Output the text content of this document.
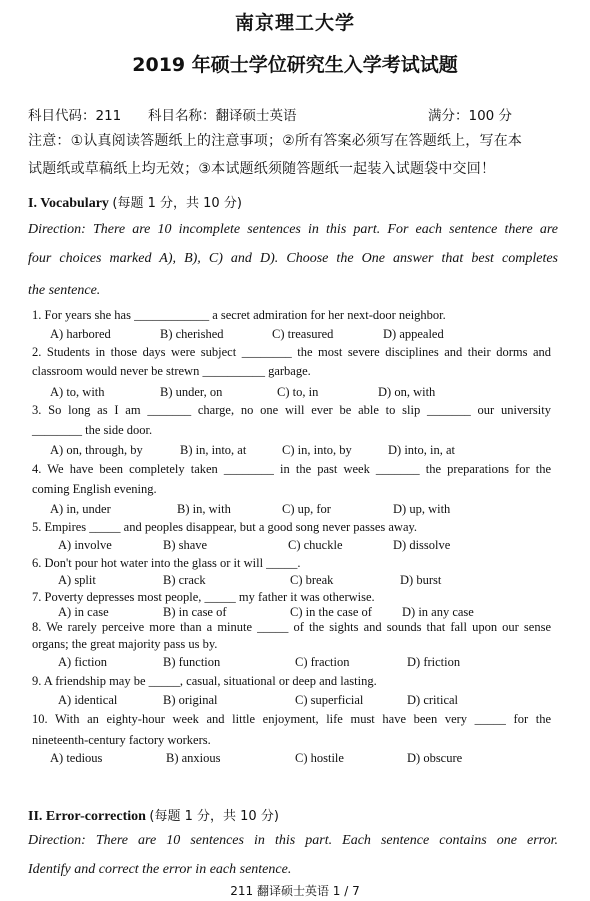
南京理工大学
2019 年硕士学位研究生入学考试试题
科目代码：211 科目名称：翻译硕士英语	满分：100 分
注意：①认真阅读答题纸上的注意事项；②所有答案必须写在答题纸上，写在本
试题纸或草稿纸上均无效；③本试题纸须随答题纸一起装入试题袋中交回！
I. Vocabulary (每题 1 分，共 10 分)
Direction: There are 10 incomplete sentences in this part. For each sentence there are
four choices marked A), B), C) and D). Choose the One answer that best completes
the sentence.
1. For years she has ____________ a secret admiration for her next-door neighbor.
A) harbored	B) cherished	C) treasured	D) appealed
2. Students in those days were subject ________ the most severe disciplines and their dorms and
classroom would never be strewn __________ garbage.
A) to, with	B) under, on	C) to, in	D) on, with
3. So long as I am _______ charge, no one will ever be able to slip _______ our university
________ the side door.
A) on, through, by	B) in, into, at	C) in, into, by	D) into, in, at
4. We have been completely taken ________ in the past week _______ the preparations for the
coming English evening.
A) in, under	B) in, with	C) up, for	D) up, with
5. Empires _____ and peoples disappear, but a good song never passes away.
A) involve	B) shave	C) chuckle	D) dissolve
6. Don't pour hot water into the glass or it will _____.
A) split	B) crack	C) break	D) burst
7. Poverty depresses most people, _____ my father it was otherwise.
A) in case	B) in case of	C) in the case of D) in any case
8. We rarely perceive more than a minute _____ of the sights and sounds that fall upon our sense
organs; the great majority pass us by.
A) fiction	B) function	C) fraction	D) friction
9. A friendship may be _____, casual, situational or deep and lasting.
A) identical	B) original	C) superficial	D) critical
10. With an eighty-hour week and little enjoyment, life must have been very _____ for the
nineteenth-century factory workers.
A) tedious	B) anxious	C) hostile	D) obscure
II. Error-correction (每题 1 分，共 10 分)
Direction: There are 10 sentences in this part. Each sentence contains one error.
Identify and correct the error in each sentence.
211 翻译硕士英语 1 / 7
